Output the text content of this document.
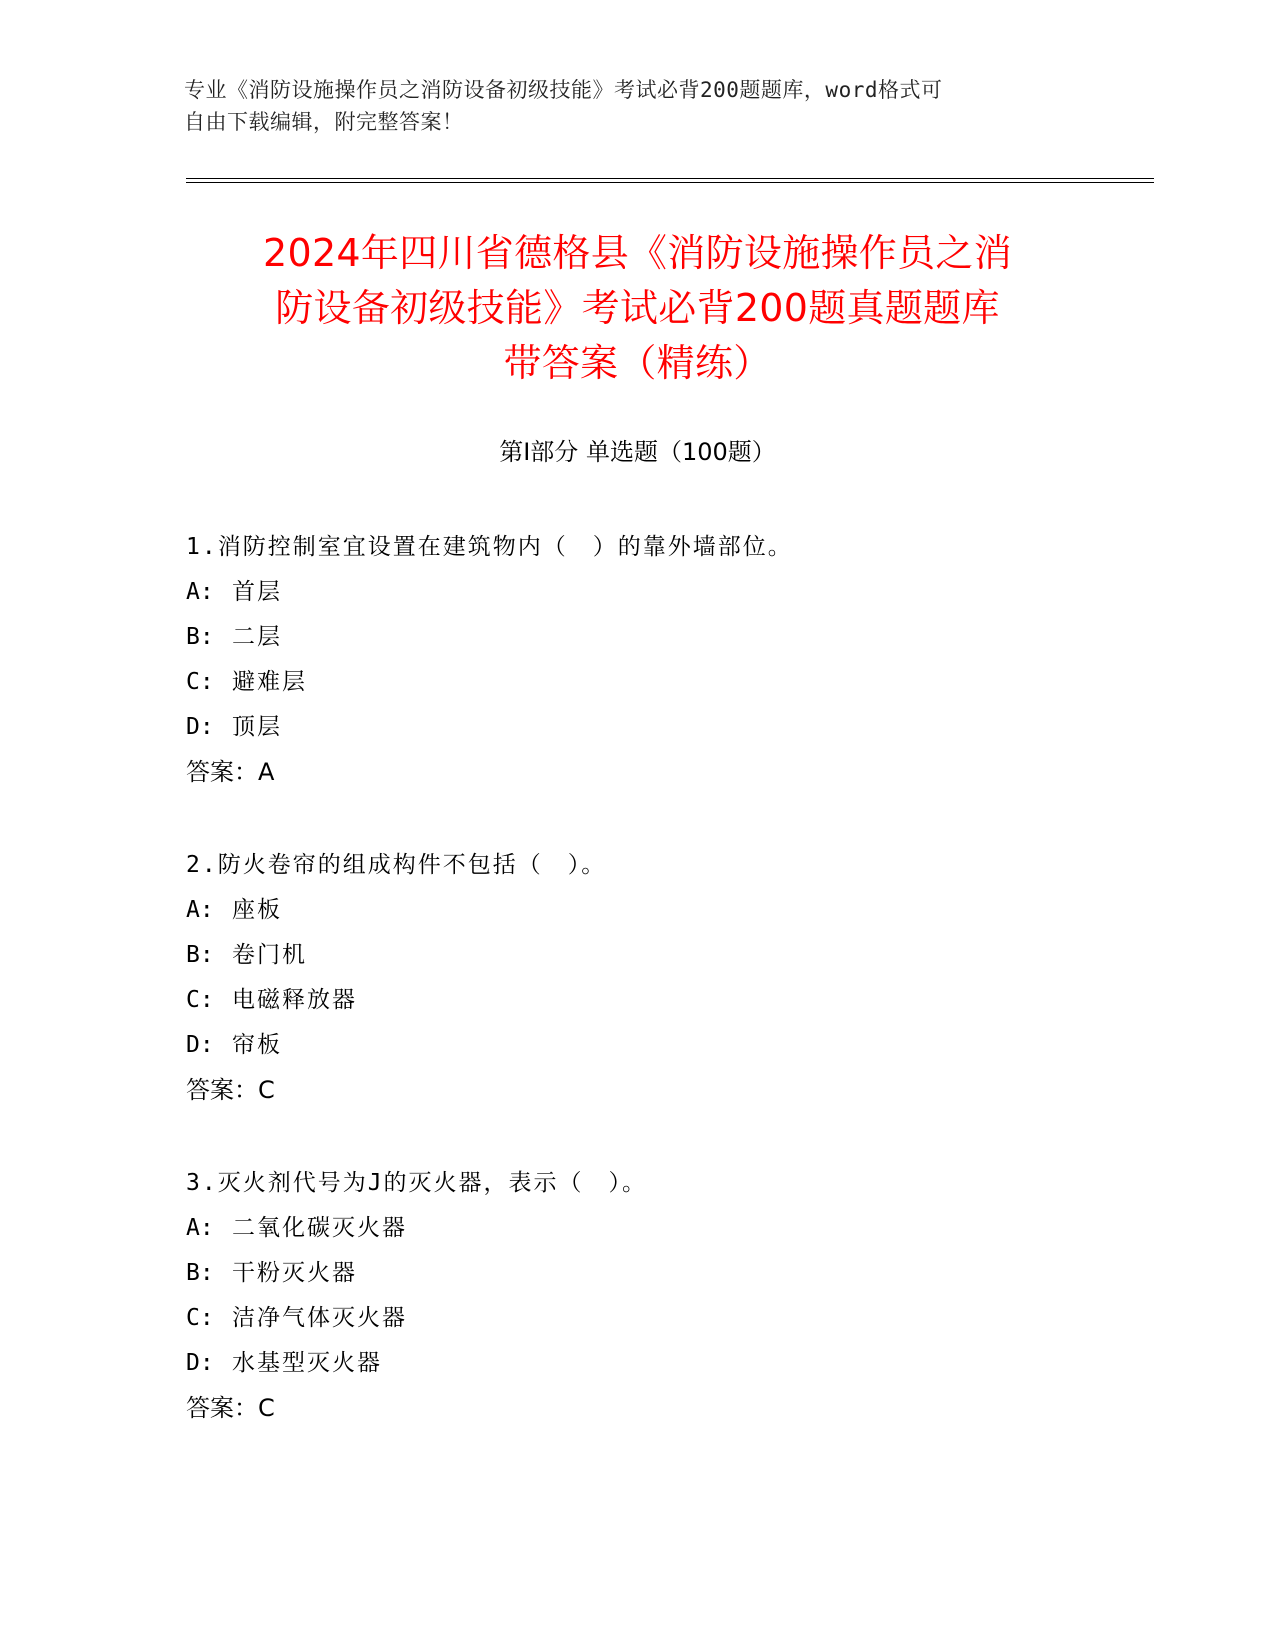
专业《消防设施操作员之消防设备初级技能》考试必背200题题库，word格式可
自由下载编辑，附完整答案！
2024年四川省德格县《消防设施操作员之消
防设备初级技能》考试必背200题真题题库
带答案（精练）
第Ⅰ部分 单选题（100题）
1.消防控制室宜设置在建筑物内（　）的靠外墙部位。
A: 首层
B: 二层
C: 避难层
D: 顶层
答案：A
2.防火卷帘的组成构件不包括（　）。
A: 座板
B: 卷门机
C: 电磁释放器
D: 帘板
答案：C
3.灭火剂代号为J的灭火器，表示（　）。
A: 二氧化碳灭火器
B: 干粉灭火器
C: 洁净气体灭火器
D: 水基型灭火器
答案：C
